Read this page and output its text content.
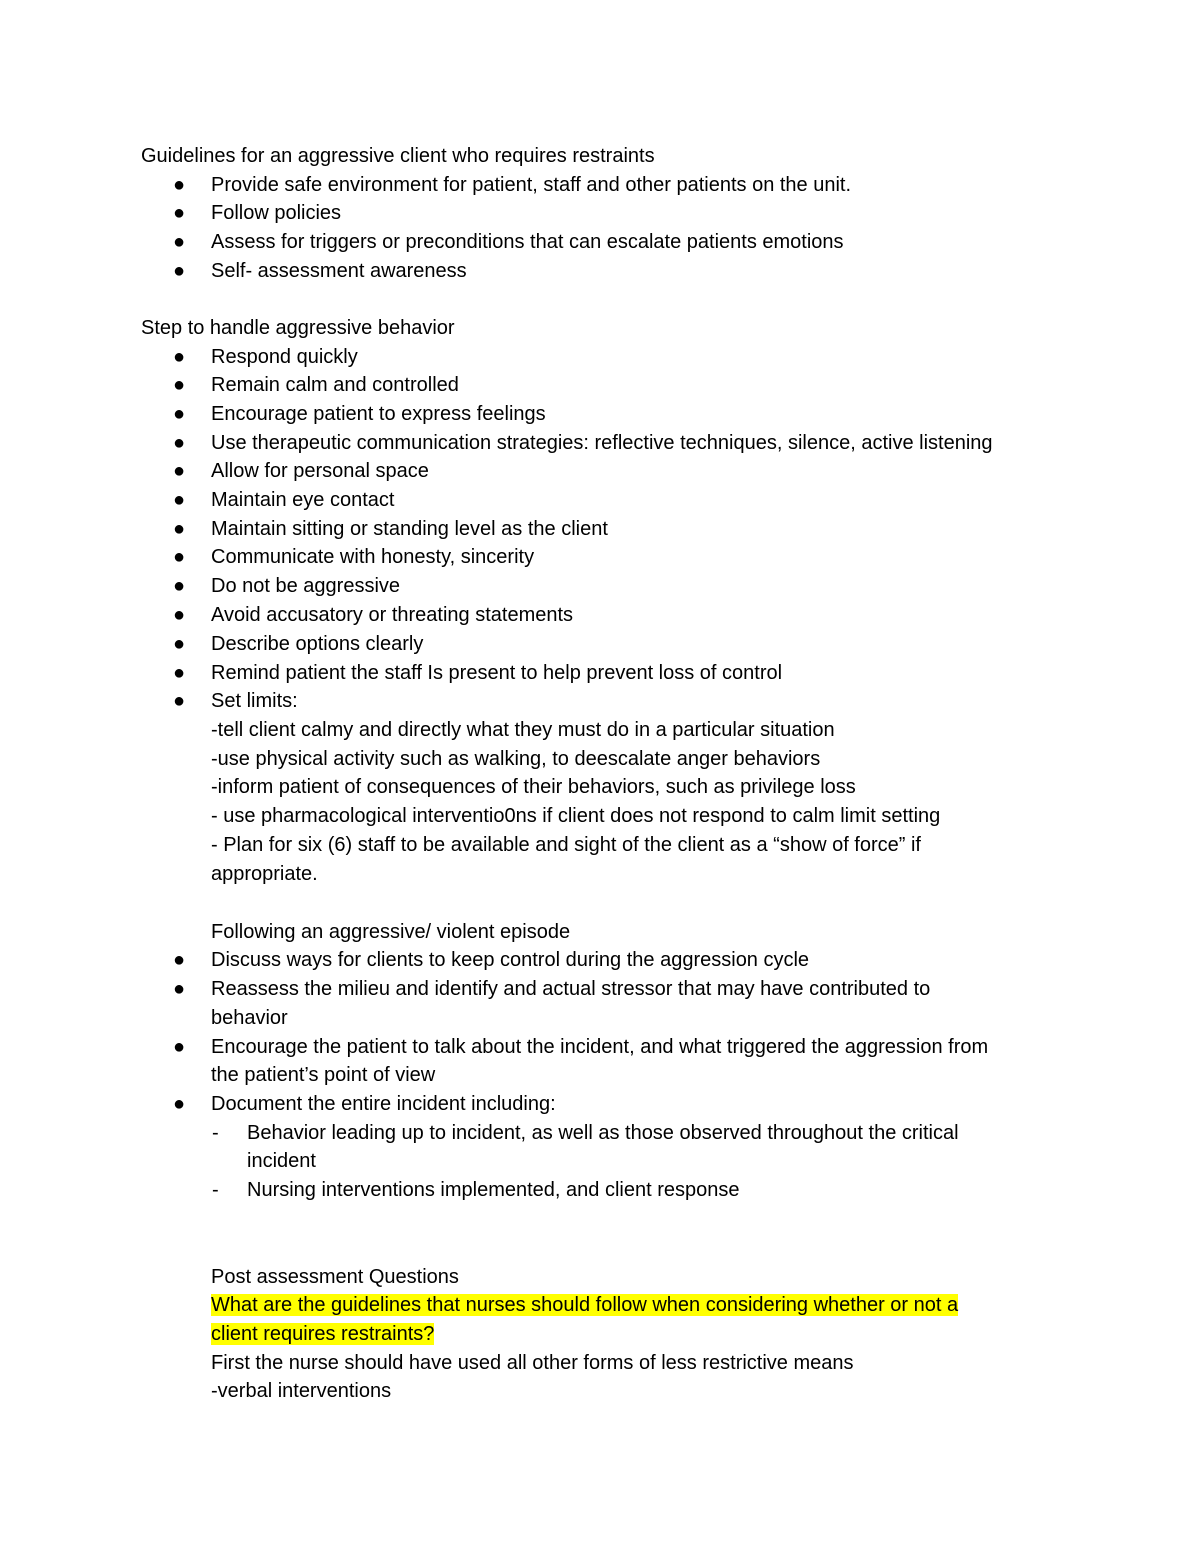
Guidelines for an aggressive client who requires restraints
● Provide safe environment for patient, staff and other patients on the unit.
● Follow policies
● Assess for triggers or preconditions that can escalate patients emotions
● Self- assessment awareness
Step to handle aggressive behavior
● Respond quickly
● Remain calm and controlled
● Encourage patient to express feelings
● Use therapeutic communication strategies: reflective techniques, silence, active listening
● Allow for personal space
● Maintain eye contact
● Maintain sitting or standing level as the client
● Communicate with honesty, sincerity
● Do not be aggressive
● Avoid accusatory or threating statements
● Describe options clearly
● Remind patient the staff Is present to help prevent loss of control
● Set limits:
-tell client calmy and directly what they must do in a particular situation
-use physical activity such as walking, to deescalate anger behaviors
-inform patient of consequences of their behaviors, such as privilege loss
- use pharmacological interventio0ns if client does not respond to calm limit setting
- Plan for six (6) staff to be available and sight of the client as a “show of force” if
appropriate.
Following an aggressive/ violent episode
● Discuss ways for clients to keep control during the aggression cycle
● Reassess the milieu and identify and actual stressor that may have contributed to
behavior
● Encourage the patient to talk about the incident, and what triggered the aggression from
the patient’s point of view
● Document the entire incident including:
-	Behavior leading up to incident, as well as those observed throughout the critical
incident
-	Nursing interventions implemented, and client response
Post assessment Questions
What are the guidelines that nurses should follow when considering whether or not a
client requires restraints?
First the nurse should have used all other forms of less restrictive means
-verbal interventions
